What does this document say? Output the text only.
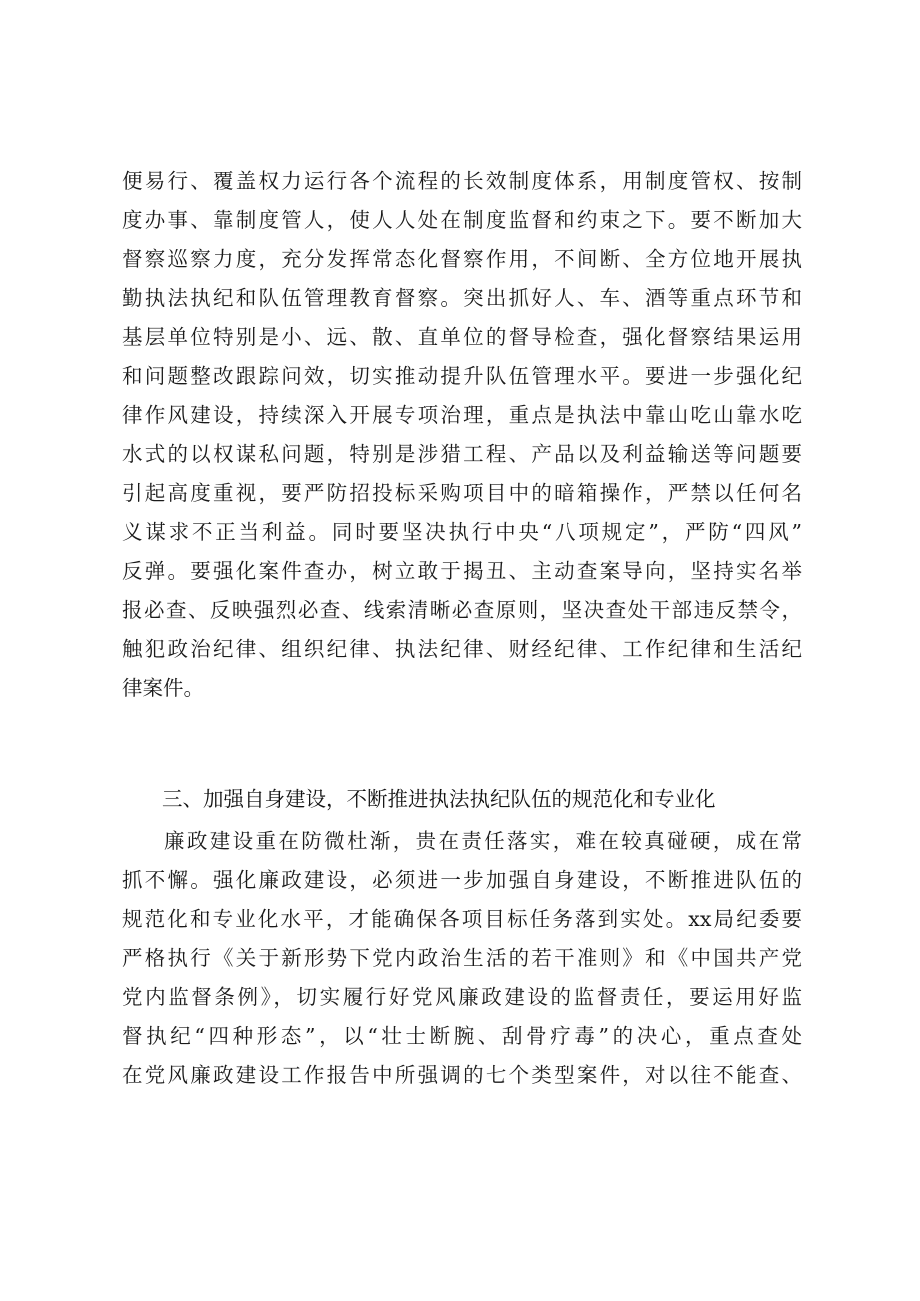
便易行、覆盖权力运行各个流程的长效制度体系，用制度管权、按制
度办事、靠制度管人，使人人处在制度监督和约束之下。要不断加大
督察巡察力度，充分发挥常态化督察作用，不间断、全方位地开展执
勤执法执纪和队伍管理教育督察。突出抓好人、车、酒等重点环节和
基层单位特别是小、远、散、直单位的督导检查，强化督察结果运用
和问题整改跟踪问效，切实推动提升队伍管理水平。要进一步强化纪
律作风建设，持续深入开展专项治理，重点是执法中靠山吃山靠水吃
水式的以权谋私问题，特别是涉猎工程、产品以及利益输送等问题要
引起高度重视，要严防招投标采购项目中的暗箱操作，严禁以任何名
义谋求不正当利益。同时要坚决执行中央“八项规定”，严防“四风”
反弹。要强化案件查办，树立敢于揭丑、主动查案导向，坚持实名举
报必查、反映强烈必查、线索清晰必查原则，坚决查处干部违反禁令，
触犯政治纪律、组织纪律、执法纪律、财经纪律、工作纪律和生活纪
律案件。
三、加强自身建设，不断推进执法执纪队伍的规范化和专业化
廉政建设重在防微杜渐，贵在责任落实，难在较真碰硬，成在常
抓不懈。强化廉政建设，必须进一步加强自身建设，不断推进队伍的
规范化和专业化水平，才能确保各项目标任务落到实处。xx局纪委要
严格执行《关于新形势下党内政治生活的若干准则》和《中国共产党
党内监督条例》，切实履行好党风廉政建设的监督责任，要运用好监
督执纪“四种形态”，以“壮士断腕、刮骨疗毒”的决心，重点查处
在党风廉政建设工作报告中所强调的七个类型案件，对以往不能查、
